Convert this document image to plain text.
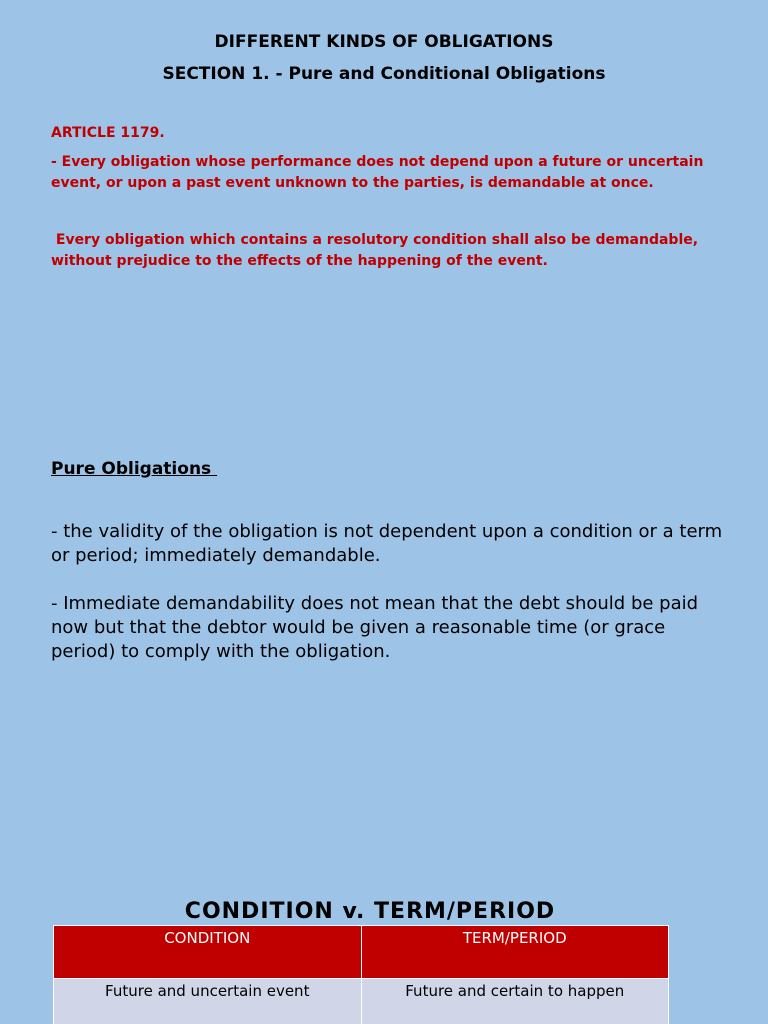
DIFFERENT KINDS OF OBLIGATIONS
SECTION 1. - Pure and Conditional Obligations
ARTICLE 1179.
- Every obligation whose performance does not depend upon a future or uncertain event, or upon a past event unknown to the parties, is demandable at once.
Every obligation which contains a resolutory condition shall also be demandable, without prejudice to the effects of the happening of the event.
Pure Obligations
- the validity of the obligation is not dependent upon a condition or a term or period; immediately demandable.
- Immediate demandability does not mean that the debt should be paid now but that the debtor would be given a reasonable time (or grace period) to comply with the obligation.
CONDITION v. TERM/PERIOD
CONDITION	TERM/PERIOD
Future and uncertain event	Future and certain to happen
